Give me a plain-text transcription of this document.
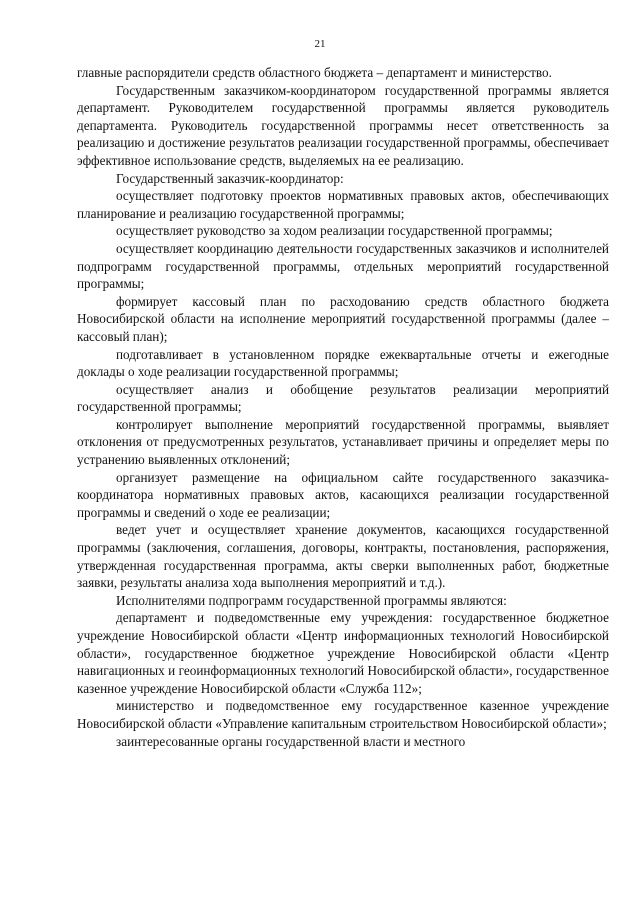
21

главные распорядители средств областного бюджета – департамент и министерство.

Государственным заказчиком-координатором государственной программы является департамент. Руководителем государственной программы является руководитель департамента. Руководитель государственной программы несет ответственность за реализацию и достижение результатов реализации государственной программы, обеспечивает эффективное использование средств, выделяемых на ее реализацию.

Государственный заказчик-координатор:

осуществляет подготовку проектов нормативных правовых актов, обеспечивающих планирование и реализацию государственной программы;

осуществляет руководство за ходом реализации государственной программы;

осуществляет координацию деятельности государственных заказчиков и исполнителей подпрограмм государственной программы, отдельных мероприятий государственной программы;

формирует кассовый план по расходованию средств областного бюджета Новосибирской области на исполнение мероприятий государственной программы (далее – кассовый план);

подготавливает в установленном порядке ежеквартальные отчеты и ежегодные доклады о ходе реализации государственной программы;

осуществляет анализ и обобщение результатов реализации мероприятий государственной программы;

контролирует выполнение мероприятий государственной программы, выявляет отклонения от предусмотренных результатов, устанавливает причины и определяет меры по устранению выявленных отклонений;

организует размещение на официальном сайте государственного заказчика-координатора нормативных правовых актов, касающихся реализации государственной программы и сведений о ходе ее реализации;

ведет учет и осуществляет хранение документов, касающихся государственной программы (заключения, соглашения, договоры, контракты, постановления, распоряжения, утвержденная государственная программа, акты сверки выполненных работ, бюджетные заявки, результаты анализа хода выполнения мероприятий и т.д.).

Исполнителями подпрограмм государственной программы являются:

департамент и подведомственные ему учреждения: государственное бюджетное учреждение Новосибирской области «Центр информационных технологий Новосибирской области», государственное бюджетное учреждение Новосибирской области «Центр навигационных и геоинформационных технологий Новосибирской области», государственное казенное учреждение Новосибирской области «Служба 112»;

министерство и подведомственное ему государственное казенное учреждение Новосибирской области «Управление капитальным строительством Новосибирской области»;

заинтересованные органы государственной власти и местного
